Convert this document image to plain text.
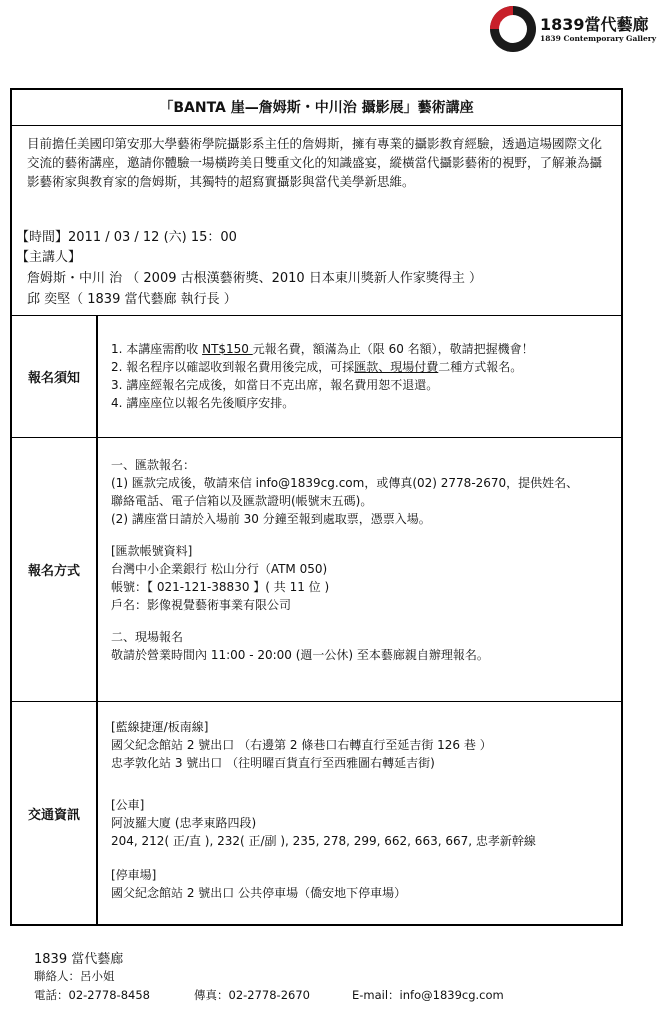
1839 1839當代藝廊
1839 Contemporary Gallery
「BANTA 崖—詹姆斯・中川治 攝影展」藝術講座
目前擔任美國印第安那大學藝術學院攝影系主任的詹姆斯，擁有專業的攝影教育經驗，透過這場國際文化交流的藝術講座，邀請你體驗一場橫跨美日雙重文化的知識盛宴，縱橫當代攝影藝術的視野，了解兼為攝影藝術家與教育家的詹姆斯，其獨特的超寫實攝影與當代美學新思維。
【時間】2011 / 03 / 12 (六) 15：00
【主講人】
詹姆斯・中川 治 （ 2009 古根漢藝術獎、2010 日本東川獎新人作家獎得主 ）
邱 奕堅（ 1839 當代藝廊 執行長 ）
報名須知
1. 本講座需酌收 NT$150 元報名費，額滿為止（限 60 名額），敬請把握機會！
2. 報名程序以確認收到報名費用後完成，可採匯款、現場付費二種方式報名。
3. 講座經報名完成後，如當日不克出席，報名費用恕不退還。
4. 講座座位以報名先後順序安排。
報名方式
一、匯款報名：
(1) 匯款完成後，敬請來信 info@1839cg.com，或傳真(02) 2778-2670，提供姓名、
聯絡電話、電子信箱以及匯款證明(帳號末五碼)。
(2) 講座當日請於入場前 30 分鐘至報到處取票，憑票入場。
[匯款帳號資料]
台灣中小企業銀行 松山分行（ATM 050)
帳號：【 021-121-38830 】( 共 11 位 )
戶名：影像視覺藝術事業有限公司
二、現場報名
敬請於營業時間內 11:00 - 20:00 (週一公休) 至本藝廊親自辦理報名。
交通資訊
[藍線捷運/板南線]
國父紀念館站 2 號出口 （右邊第 2 條巷口右轉直行至延吉街 126 巷 ）
忠孝敦化站 3 號出口 （往明曜百貨直行至西雅圖右轉延吉街)
[公車]
阿波羅大廈 (忠孝東路四段)
204, 212( 正/直 ), 232( 正/副 ), 235, 278, 299, 662, 663, 667, 忠孝新幹線
[停車場]
國父紀念館站 2 號出口 公共停車場（僑安地下停車場）
1839 當代藝廊
聯絡人：呂小姐
電話：02-2778-8458	傳真：02-2778-2670	E-mail：info@1839cg.com
